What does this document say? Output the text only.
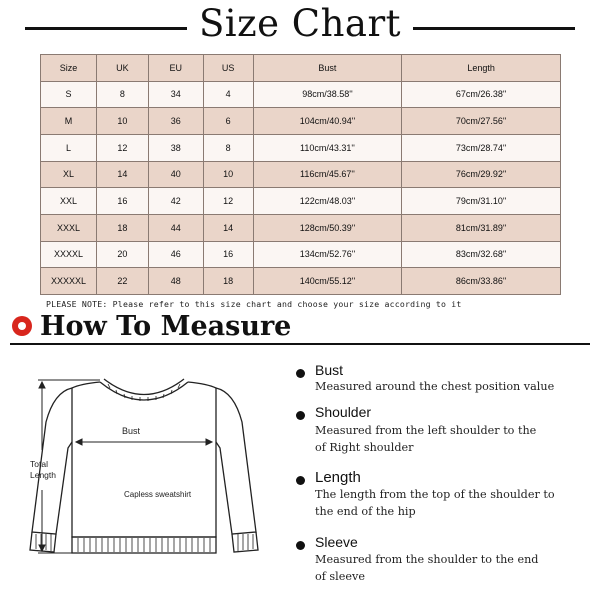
Size Chart
Size	UK	EU	US	Bust	Length
S	8	34	4	98cm/38.58''	67cm/26.38''
M	10	36	6	104cm/40.94''	70cm/27.56''
L	12	38	8	110cm/43.31''	73cm/28.74''
XL	14	40	10	116cm/45.67''	76cm/29.92''
XXL	16	42	12	122cm/48.03''	79cm/31.10''
XXXL	18	44	14	128cm/50.39''	81cm/31.89''
XXXXL	20	46	16	134cm/52.76''	83cm/32.68''
XXXXXL	22	48	18	140cm/55.12''	86cm/33.86''
PLEASE NOTE: Please refer to this size chart and choose your size according to it
How To Measure
Bust
Total
Length
Capless sweatshirt
Bust
Measured around the chest position value
Shoulder
Measured from the left shoulder to the
of Right shoulder
Length
The length from the top of the shoulder to
the end of the hip
Sleeve
Measured from the shoulder to the end
of sleeve
